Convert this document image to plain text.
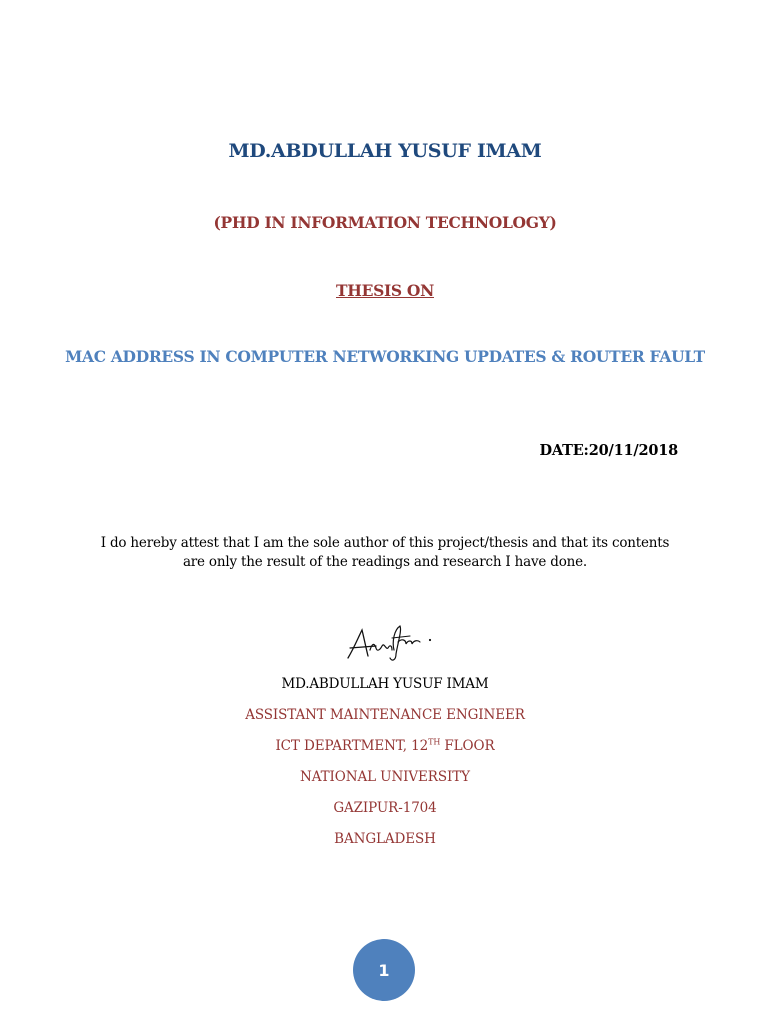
MD.ABDULLAH YUSUF IMAM
(PHD IN INFORMATION TECHNOLOGY)
THESIS ON
MAC ADDRESS IN COMPUTER NETWORKING UPDATES & ROUTER FAULT
DATE:20/11/2018
I do hereby attest that I am the sole author of this project/thesis and that its contents are only the result of the readings and research I have done.
MD.ABDULLAH YUSUF IMAM
ASSISTANT MAINTENANCE ENGINEER
ICT DEPARTMENT, 12TH FLOOR
NATIONAL UNIVERSITY
GAZIPUR-1704
BANGLADESH
1
